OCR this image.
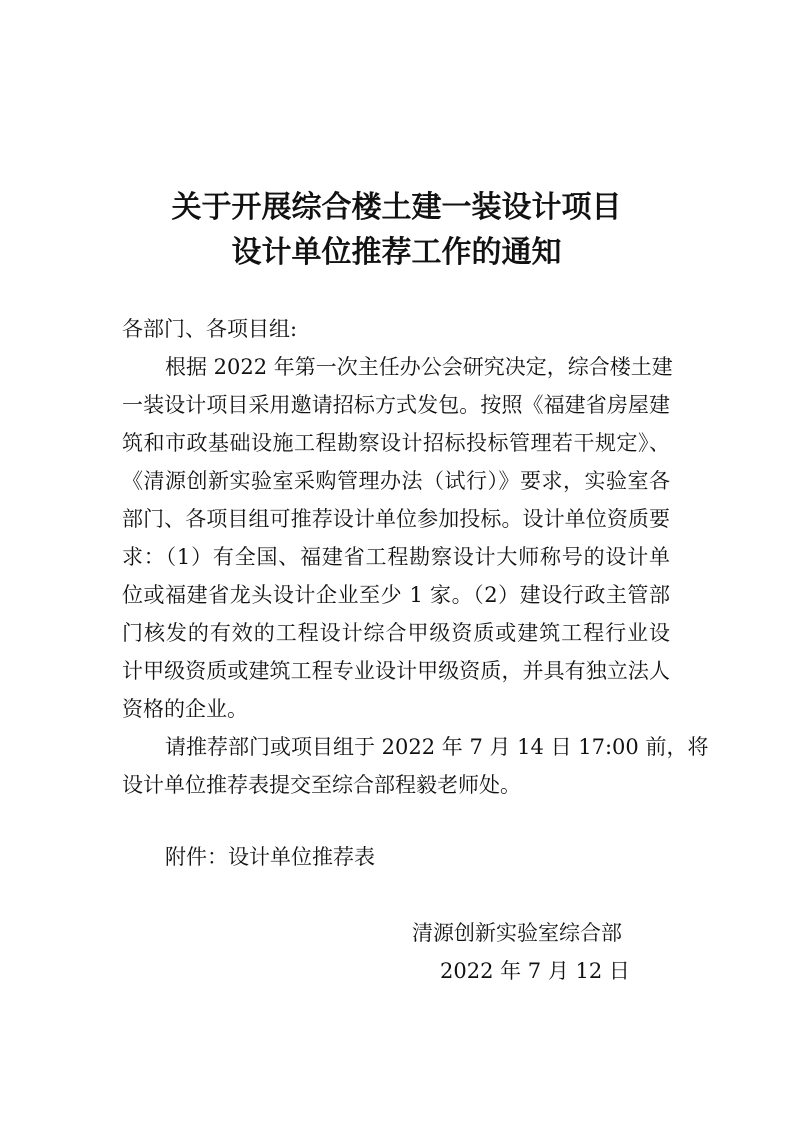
关于开展综合楼土建一装设计项目
设计单位推荐工作的通知
各部门、各项目组:
根据 2022 年第一次主任办公会研究决定，综合楼土建
一装设计项目采用邀请招标方式发包。按照《福建省房屋建
筑和市政基础设施工程勘察设计招标投标管理若干规定》、
《清源创新实验室采购管理办法（试行）》要求，实验室各
部门、各项目组可推荐设计单位参加投标。设计单位资质要
求：（1）有全国、福建省工程勘察设计大师称号的设计单
位或福建省龙头设计企业至少 1 家。（2）建设行政主管部
门核发的有效的工程设计综合甲级资质或建筑工程行业设
计甲级资质或建筑工程专业设计甲级资质，并具有独立法人
资格的企业。
请推荐部门或项目组于 2022 年 7 月 14 日 17:00 前，将
设计单位推荐表提交至综合部程毅老师处。
附件：设计单位推荐表
清源创新实验室综合部
2022 年 7 月 12 日
